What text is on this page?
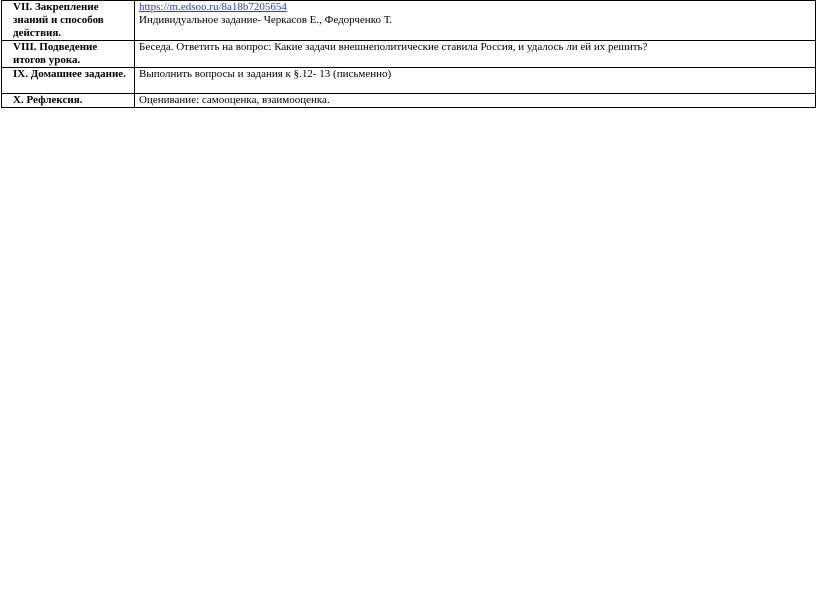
VII. Закрепление знаний и способов действия.	https://m.edsoo.ru/8a18b7205654
Индивидуальное задание- Черкасов Е., Федорченко Т.

VIII. Подведение итогов урока.	Беседа. Ответить на вопрос: Какие задачи внешнеполитические ставила Россия, и удалось ли ей их решить?

IX. Домашнее задание.	Выполнить вопросы и задания к §.12- 13 (письменно)

X. Рефлексия.	Оценивание: самооценка, взаимооценка.
